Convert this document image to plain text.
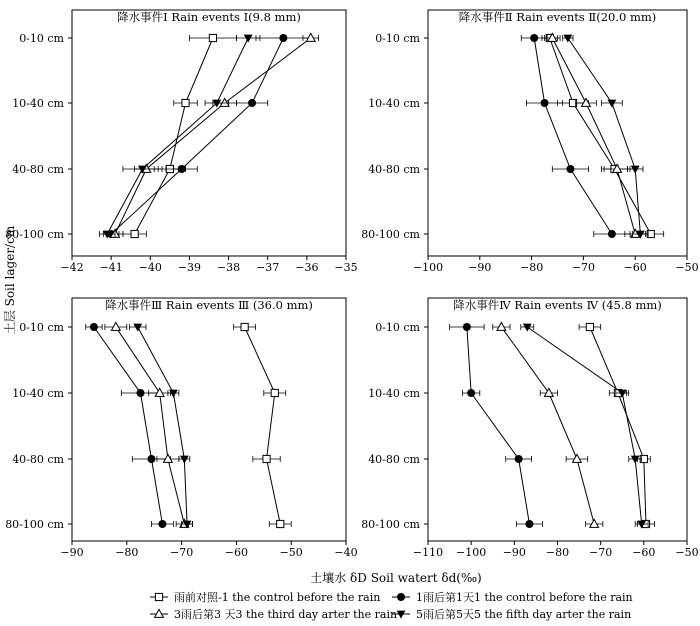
土层 Soil lager/cm
土壤水 δD Soil watert δd(‰)
降水事件Ⅰ Rain events Ⅰ(9.8 mm)
−42 −41 −40 −39 −38 −37 −36 −35
0-10 cm
10-40 cm
40-80 cm
80-100 cm
降水事件Ⅱ Rain events Ⅱ(20.0 mm)
−100 −90	−80	−70	−60	−50
0-10 cm
10-40 cm
40-80 cm
80-100 cm
降水事件Ⅲ Rain events Ⅲ (36.0 mm)
−90	−80	−70	−60	−50	−40
0-10 cm
10-40 cm
40-80 cm
80-100 cm
降水事件Ⅳ Rain events Ⅳ (45.8 mm)
−110 −100 −90 −80 −70 −60 −50
0-10 cm
10-40 cm
40-80 cm
80-100 cm
雨前对照-1 the control before the rain	1雨后第1天1 the control before the rain
3雨后第3 天3 the third day arter the rain 5雨后第5天5 the fifth day arter the rain
